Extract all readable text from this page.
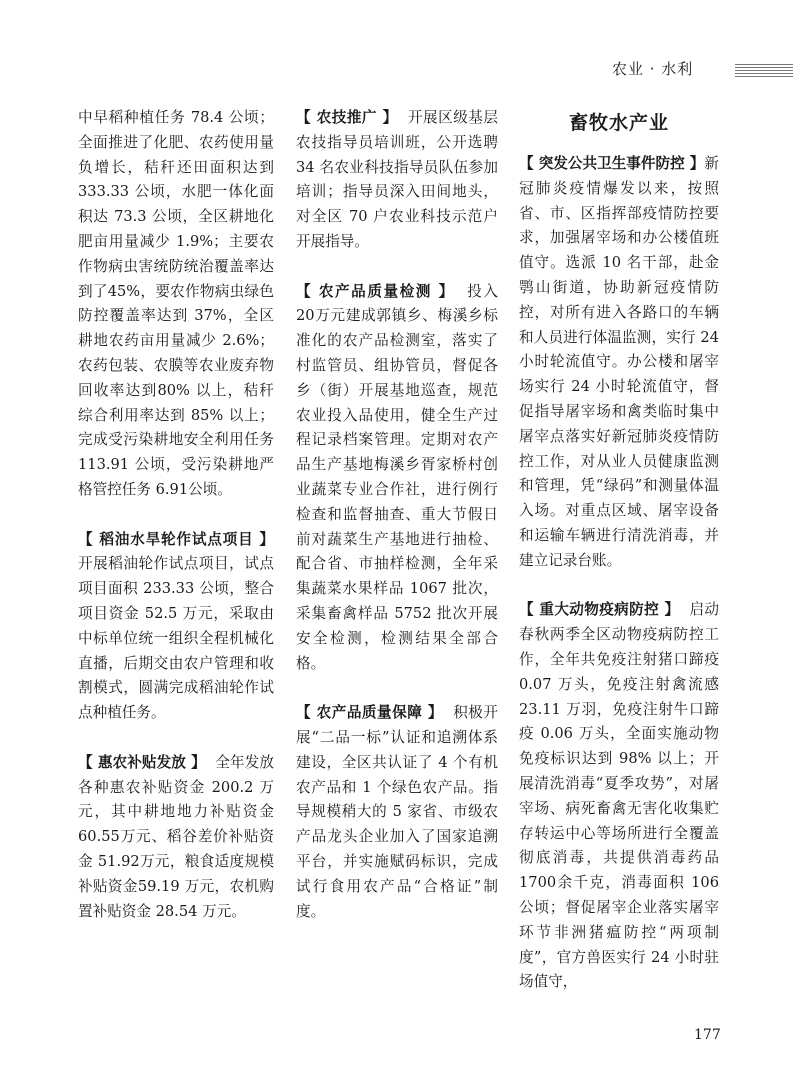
农业 · 水利

中早稻种植任务 78.4 公顷；全面推进了化肥、农药使用量负增长，秸秆还田面积达到333.33 公顷，水肥一体化面积达 73.3 公顷，全区耕地化肥亩用量减少 1.9%；主要农作物病虫害统防统治覆盖率达到了45%，要农作物病虫绿色防控覆盖率达到 37%，全区耕地农药亩用量减少 2.6%；农药包装、农膜等农业废弃物回收率达到80% 以上，秸秆综合利用率达到 85% 以上；完成受污染耕地安全利用任务 113.91 公顷，受污染耕地严格管控任务 6.91公顷。

【 稻油水旱轮作试点项目 】开展稻油轮作试点项目，试点项目面积 233.33 公顷，整合项目资金 52.5 万元，采取由中标单位统一组织全程机械化直播，后期交由农户管理和收割模式，圆满完成稻油轮作试点种植任务。

【 惠农补贴发放 】 全年发放各种惠农补贴资金 200.2 万元，其中耕地地力补贴资金 60.55万元、稻谷差价补贴资金 51.92万元，粮食适度规模补贴资金59.19 万元，农机购置补贴资金 28.54 万元。

【 农技推广 】 开展区级基层农技指导员培训班，公开选聘34 名农业科技指导员队伍参加培训；指导员深入田间地头，对全区 70 户农业科技示范户开展指导。

【 农产品质量检测 】 投入 20万元建成郭镇乡、梅溪乡标准化的农产品检测室，落实了村监管员、组协管员，督促各乡（街）开展基地巡查，规范农业投入品使用，健全生产过程记录档案管理。定期对农产品生产基地梅溪乡胥家桥村创业蔬菜专业合作社，进行例行检查和监督抽查、重大节假日前对蔬菜生产基地进行抽检、配合省、市抽样检测，全年采集蔬菜水果样品 1067 批次，采集畜禽样品 5752 批次开展安全检测，检测结果全部合格。

【 农产品质量保障 】 积极开展“二品一标”认证和追溯体系建设，全区共认证了 4 个有机农产品和 1 个绿色农产品。指导规模稍大的 5 家省、市级农产品龙头企业加入了国家追溯平台，并实施赋码标识，完成试行食用农产品“合格证”制度。

畜牧水产业

【 突发公共卫生事件防控 】新冠肺炎疫情爆发以来，按照省、市、区指挥部疫情防控要求，加强屠宰场和办公楼值班值守。选派 10 名干部，赴金鹗山街道，协助新冠疫情防控，对所有进入各路口的车辆和人员进行体温监测，实行 24 小时轮流值守。办公楼和屠宰场实行 24 小时轮流值守，督促指导屠宰场和禽类临时集中屠宰点落实好新冠肺炎疫情防控工作，对从业人员健康监测和管理，凭“绿码”和测量体温入场。对重点区域、屠宰设备和运输车辆进行清洗消毒，并建立记录台账。

【 重大动物疫病防控 】 启动春秋两季全区动物疫病防控工作，全年共免疫注射猪口蹄疫 0.07 万头，免疫注射禽流感23.11 万羽，免疫注射牛口蹄疫 0.06 万头，全面实施动物免疫标识达到 98% 以上；开展清洗消毒“夏季攻势”，对屠宰场、病死畜禽无害化收集贮存转运中心等场所进行全覆盖彻底消毒，共提供消毒药品 1700余千克，消毒面积 106 公顷；督促屠宰企业落实屠宰环节非洲猪瘟防控“两项制度”，官方兽医实行 24 小时驻场值守，

177
